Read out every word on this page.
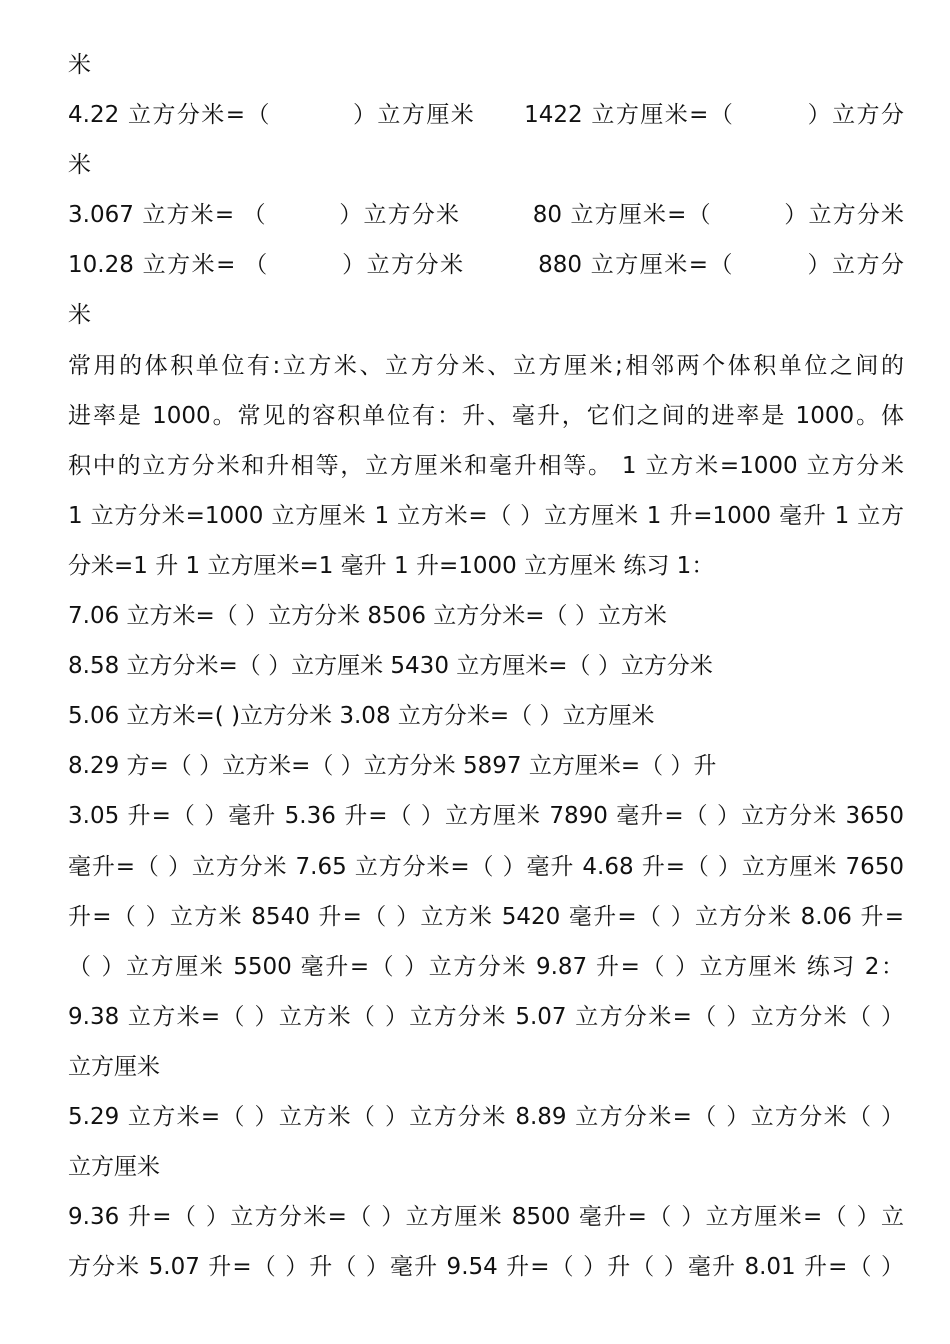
米
4.22 立方分米=（　　　 ）立方厘米　　1422 立方厘米=（　　　）立方分
米
3.067 立方米= （　　　）立方分米　　　80 立方厘米=（　　　）立方分米
10.28 立方米= （　　　）立方分米　　　880 立方厘米=（　　　）立方分
米
常用的体积单位有:立方米、立方分米、立方厘米;相邻两个体积单位之间的
进率是 1000。常见的容积单位有：升、毫升，它们之间的进率是 1000。体
积中的立方分米和升相等，立方厘米和毫升相等。 1 立方米=1000 立方分米
1 立方分米=1000 立方厘米 1 立方米=（ ）立方厘米 1 升=1000 毫升 1 立方
分米=1 升 1 立方厘米=1 毫升 1 升=1000 立方厘米 练习 1：
7.06 立方米=（ ）立方分米 8506 立方分米=（ ）立方米
8.58 立方分米=（ ）立方厘米 5430 立方厘米=（ ）立方分米
5.06 立方米=( )立方分米 3.08 立方分米=（ ）立方厘米
8.29 方=（ ）立方米=（ ）立方分米 5897 立方厘米=（ ）升
3.05 升=（ ）毫升 5.36 升=（ ）立方厘米 7890 毫升=（ ）立方分米 3650
毫升=（ ）立方分米 7.65 立方分米=（ ）毫升 4.68 升=（ ）立方厘米 7650
升=（ ）立方米 8540 升=（ ）立方米 5420 毫升=（ ）立方分米 8.06 升=
（ ）立方厘米 5500 毫升=（ ）立方分米 9.87 升=（ ）立方厘米 练习 2：
9.38 立方米=（ ）立方米（ ）立方分米 5.07 立方分米=（ ）立方分米（ ）
立方厘米
5.29 立方米=（ ）立方米（ ）立方分米 8.89 立方分米=（ ）立方分米（ ）
立方厘米
9.36 升=（ ）立方分米=（ ）立方厘米 8500 毫升=（ ）立方厘米=（ ）立
方分米 5.07 升=（ ）升（ ）毫升 9.54 升=（ ）升（ ）毫升 8.01 升=（ ）
